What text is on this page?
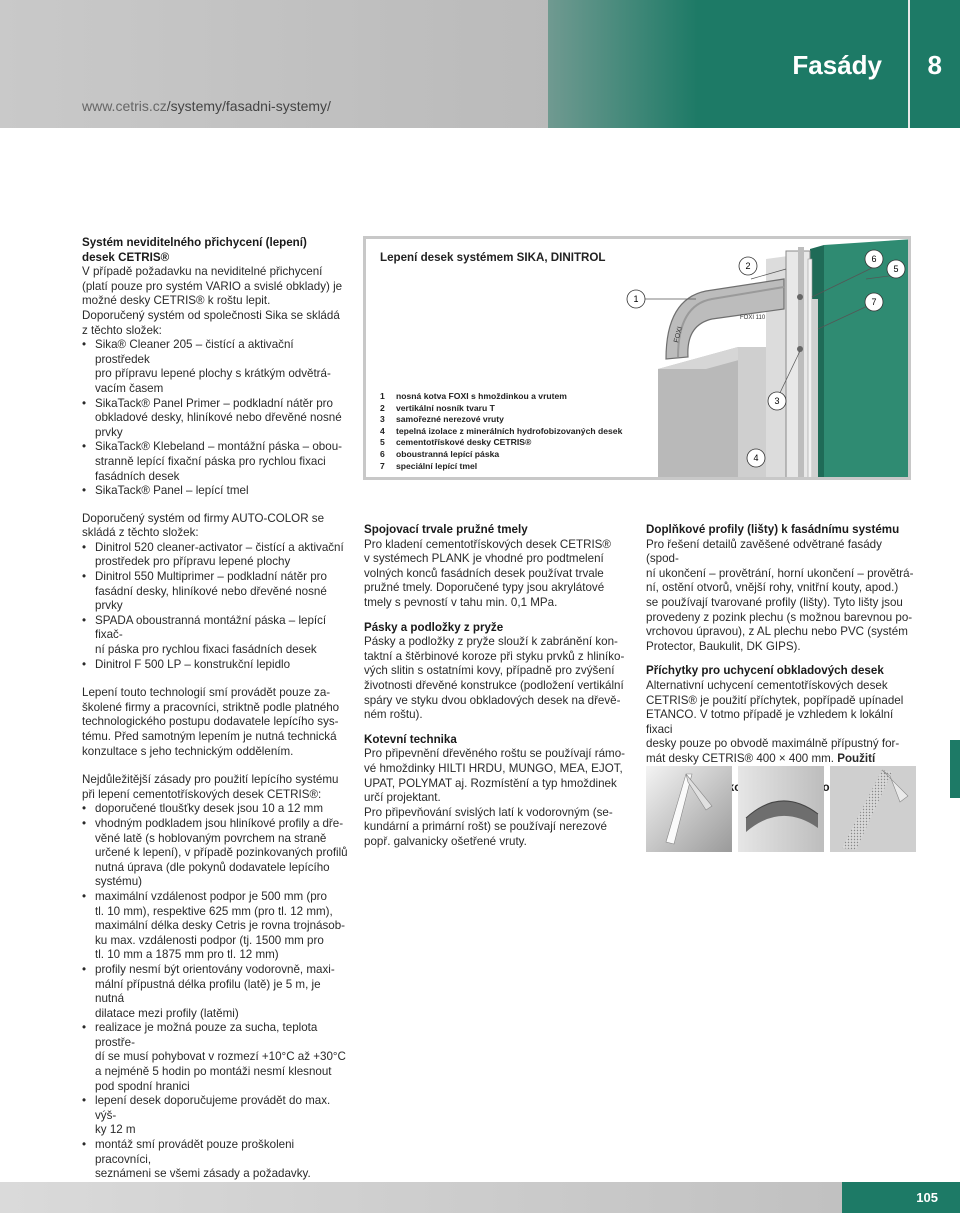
Fasády 8
www.cetris.cz/systemy/fasadni-systemy/

Systém neviditelného přichycení (lepení)

desek CETRIS®

V případě požadavku na neviditelné přichycení

(platí pouze pro systém VARIO a svislé obklady) je

možné desky CETRIS® k roštu lepit.

Doporučený systém od společnosti Sika se skládá

z těchto složek:

• Sika® Cleaner 205 – čistící a aktivační prostředek
pro přípravu lepené plochy s krátkým odvětrá-
vacím časem
• SikaTack® Panel Primer – podkladní nátěr pro
obkladové desky, hliníkové nebo dřevěné nosné
prvky
• SikaTack® Klebeland – montážní páska – obou-
stranně lepící fixační páska pro rychlou fixaci
fasádních desek
• SikaTack® Panel – lepící tmel

Doporučený systém od firmy AUTO-COLOR se

skládá z těchto složek:

• Dinitrol 520 cleaner-activator – čistící a aktivační
prostředek pro přípravu lepené plochy
• Dinitrol 550 Multiprimer – podkladní nátěr pro
fasádní desky, hliníkové nebo dřevěné nosné
prvky
• SPADA oboustranná montážní páska – lepící fixač-
ní páska pro rychlou fixaci fasádních desek
• Dinitrol F 500 LP – konstrukční lepidlo

Lepení touto technologií smí provádět pouze za-

školené firmy a pracovníci, striktně podle platného

technologického postupu dodavatele lepícího sys-

tému. Před samotným lepením je nutná technická

konzultace s jeho technickým oddělením.

Nejdůležitější zásady pro použití lepícího systému

při lepení cementotřískových desek CETRIS®:

• doporučené tloušťky desek jsou 10 a 12 mm
• vhodným podkladem jsou hliníkové profily a dře-
věné latě (s hoblovaným povrchem na straně
určené k lepení), v případě pozinkovaných profilů
nutná úprava (dle pokynů dodavatele lepícího
systému)
• maximální vzdálenost podpor je 500 mm (pro
tl. 10 mm), respektive 625 mm (pro tl. 12 mm),
maximální délka desky Cetris je rovna trojnásob-
ku max. vzdálenosti podpor (tj. 1500 mm pro
tl. 10 mm a 1875 mm pro tl. 12 mm)
• profily nesmí být orientovány vodorovně, maxi-
mální přípustná délka profilu (latě) je 5 m, je nutná
dilatace mezi profily (latěmi)
• realizace je možná pouze za sucha, teplota prostře-
dí se musí pohybovat v rozmezí +10°C až +30°C
a nejméně 5 hodin po montáži nesmí klesnout
pod spodní hranici
• lepení desek doporučujeme provádět do max. výš-
ky 12 m
• montáž smí provádět pouze proškoleni pracovníci,
seznámeni se všemi zásady a požadavky.
Lepení desek systémem SIKA, DINITROL
FOXI
FOXI 110
1
2
3
4
5
6
7
1 nosná kotva FOXI s hmoždinkou a vrutem
2 vertikální nosník tvaru T
3 samořezné nerezové vruty
4 tepelná izolace z minerálních hydrofobizovaných desek
5 cementotřískové desky CETRIS®
6 oboustranná lepící páska
7 speciální lepící tmel

Spojovací trvale pružné tmely

Pro kladení cementotřískových desek CETRIS®

v systémech PLANK je vhodné pro podtmelení

volných konců fasádních desek používat trvale

pružné tmely. Doporučené typy jsou akrylátové

tmely s pevností v tahu min. 0,1 MPa.

Pásky a podložky z pryže

Pásky a podložky z pryže slouží k zabránění kon-

taktní a štěrbinové koroze při styku prvků z hliníko-

vých slitin s ostatními kovy, případně pro zvýšení

životnosti dřevěné konstrukce (podložení vertikální

spáry ve styku dvou obkladových desek na dřevě-

ném roštu).

Kotevní technika

Pro připevnění dřevěného roštu se používají rámo-

vé hmoždinky HILTI HRDU, MUNGO, MEA, EJOT,

UPAT, POLYMAT aj. Rozmístění a typ hmoždinek

určí projektant.

Pro připevňování svislých latí k vodorovným (se-

kundární a primární rošt) se používají nerezové

popř. galvanicky ošetřené vruty.

Doplňkové profily (lišty) k fasádnímu systému

Pro řešení detailů zavěšené odvětrané fasády (spod-

ní ukončení – provětrání, horní ukončení – provětrá-

ní, ostění otvorů, vnější rohy, vnitřní kouty, apod.)

se používají tvarované profily (lišty). Tyto lišty jsou

provedeny z pozink plechu (s možnou barevnou po-

vrchovou úpravou), z AL plechu nebo PVC (systém

Protector, Baukulit, DK GIPS).

Příchytky pro uchycení obkladových desek

Alternativní uchycení cementotřískových desek

CETRIS® je použití příchytek, popřípadě upínadel

ETANCO. V totmo případě je vzhledem k lokální fixaci

desky pouze po obvodě maximálně přípustný for-

mát desky CETRIS® 400 × 400 mm. Použití

105
